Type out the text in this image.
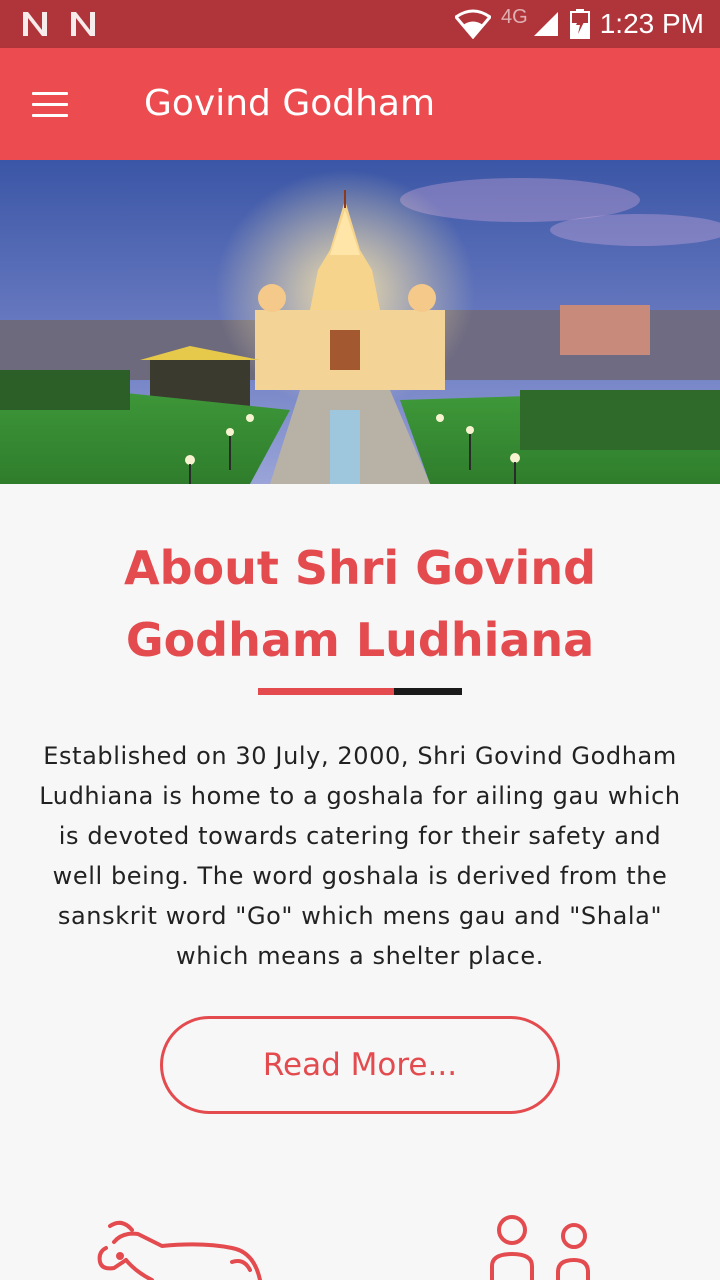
4G	1:23 PM
Govind Godham
About Shri Govind Godham Ludhiana

Established on 30 July, 2000, Shri Govind Godham Ludhiana is home to a goshala for ailing gau which is devoted towards catering for their safety and well being. The word goshala is derived from the sanskrit word "Go" which mens gau and "Shala" which means a shelter place.

Read More...
